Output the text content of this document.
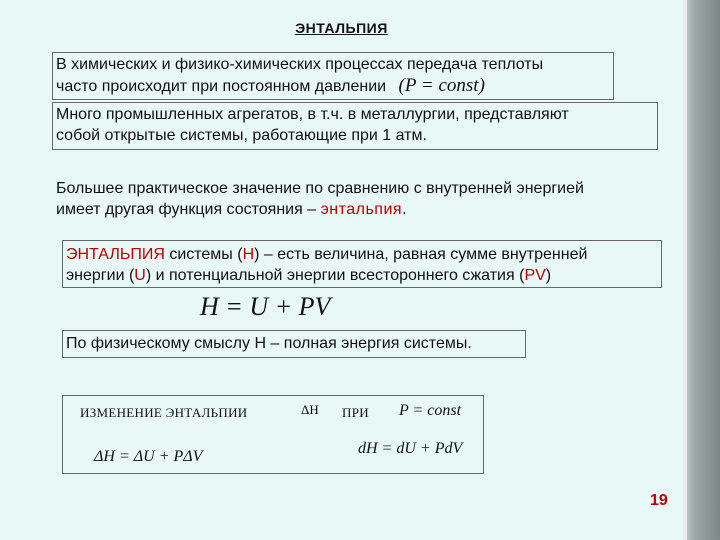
ЭНТАЛЬПИЯ
В химических и физико-химических процессах передача теплоты
часто происходит при постоянном давлении (P = const)
Много промышленных агрегатов, в т.ч. в металлургии, представляют
собой открытые системы, работающие при 1 атм.
Большее практическое значение по сравнению с внутренней энергией
имеет другая функция состояния – энтальпия.
ЭНТАЛЬПИЯ системы (H) – есть величина, равная сумме внутренней
энергии (U) и потенциальной энергии всестороннего сжатия (PV)
H = U + PV
По физическому смыслу Н – полная энергия системы.
ИЗМЕНЕНИЕ ЭНТАЛЬПИИ	ΔH ПРИ P = const
ΔH = ΔU + PΔV	dH = dU + PdV
19
